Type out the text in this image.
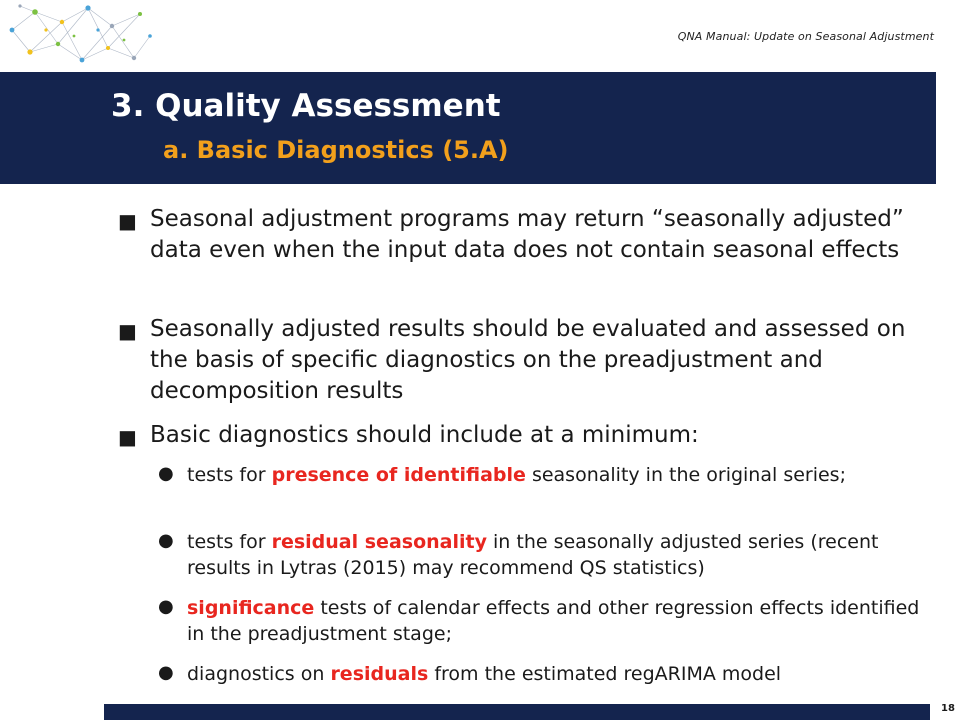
QNA Manual: Update on Seasonal Adjustment
3. Quality Assessment
a. Basic Diagnostics (5.A)
■ Seasonal adjustment programs may return “seasonally adjusted” data even when the input data does not contain seasonal effects
■ Seasonally adjusted results should be evaluated and assessed on the basis of specific diagnostics on the preadjustment and decomposition results
■ Basic diagnostics should include at a minimum:
● tests for presence of identifiable seasonality in the original series;
● tests for residual seasonality in the seasonally adjusted series (recent results in Lytras (2015) may recommend QS statistics)
● significance tests of calendar effects and other regression effects identified in the preadjustment stage;
● diagnostics on residuals from the estimated regARIMA model
18
